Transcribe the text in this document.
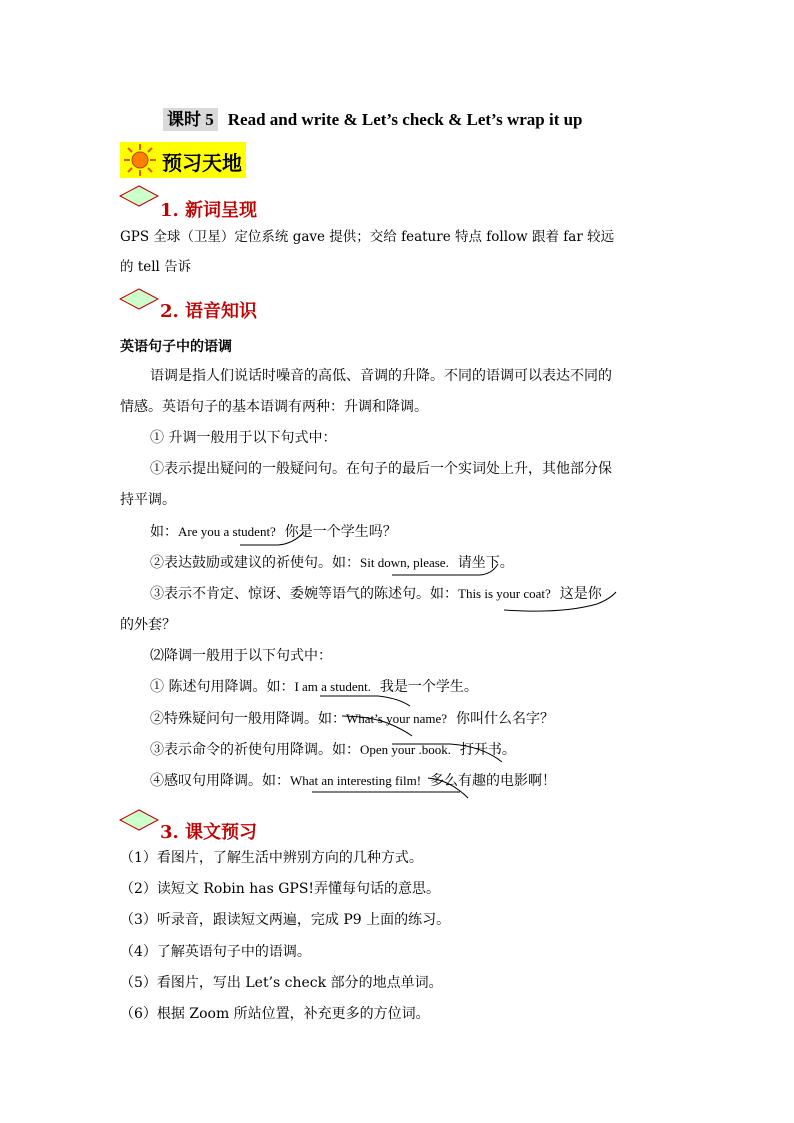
课时 5 Read and write & Let’s check & Let’s wrap it up
预习天地
1. 新词呈现
GPS 全球（卫星）定位系统 gave 提供；交给 feature 特点 follow 跟着 far 较远
的 tell 告诉
2. 语音知识
英语句子中的语调
语调是指人们说话时噪音的高低、音调的升降。不同的语调可以表达不同的
情感。英语句子的基本语调有两种：升调和降调。
① 升调一般用于以下句式中：
①表示提出疑问的一般疑问句。在句子的最后一个实词处上升，其他部分保
持平调。
如：Are you a student? 你是一个学生吗？
②表达鼓励或建议的祈使句。如：Sit down, please. 请坐下。
③表示不肯定、惊讶、委婉等语气的陈述句。如：This is your coat? 这是你
的外套？
⑵降调一般用于以下句式中：
① 陈述句用降调。如：I am a student. 我是一个学生。
②特殊疑问句一般用降调。如：What’s your name? 你叫什么名字？
③表示命令的祈使句用降调。如：Open your .book. 打开书。
④感叹句用降调。如：What an interesting film! 多么有趣的电影啊！
3. 课文预习
（1）看图片，了解生活中辨别方向的几种方式。
（2）读短文 Robin has GPS!弄懂每句话的意思。
（3）听录音，跟读短文两遍，完成 P9 上面的练习。
（4）了解英语句子中的语调。
（5）看图片，写出 Let’s check 部分的地点单词。
（6）根据 Zoom 所站位置，补充更多的方位词。
